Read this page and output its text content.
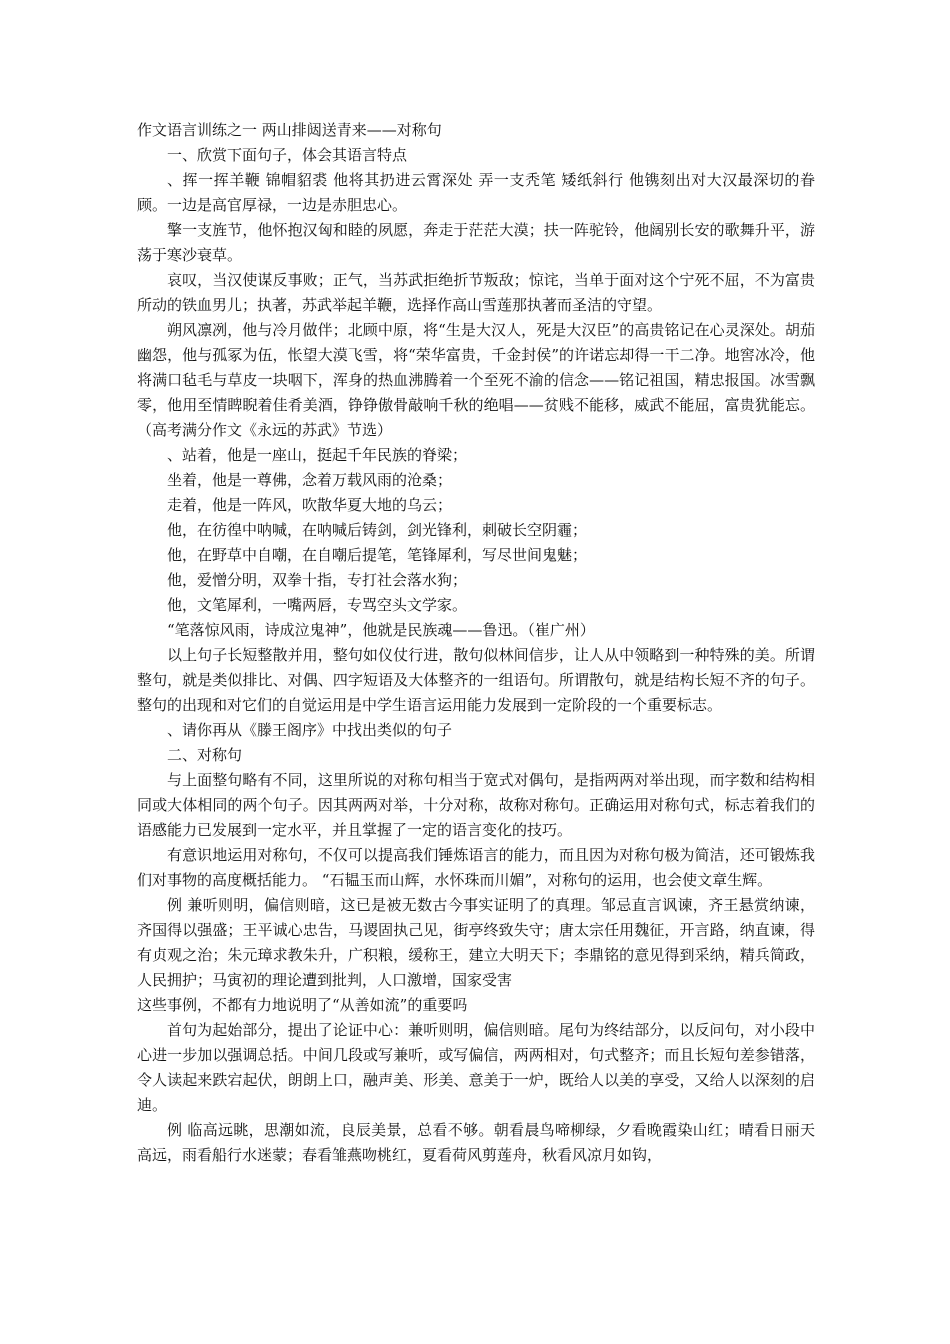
作文语言训练之一 两山排闼送青来——对称句

一、欣赏下面句子，体会其语言特点

、挥一挥羊鞭 锦帽貂裘 他将其扔进云霄深处 弄一支秃笔 矮纸斜行 他镌刻出对大汉最深切的眷顾。一边是高官厚禄，一边是赤胆忠心。

擎一支旌节，他怀抱汉匈和睦的夙愿，奔走于茫茫大漠；扶一阵驼铃，他阔别长安的歌舞升平，游荡于寒沙衰草。

哀叹，当汉使谋反事败；正气，当苏武拒绝折节叛敌；惊诧，当单于面对这个宁死不屈，不为富贵所动的铁血男儿；执著，苏武举起羊鞭，选择作高山雪莲那执著而圣洁的守望。

朔风凛冽，他与冷月做伴；北顾中原，将“生是大汉人，死是大汉臣”的高贵铭记在心灵深处。胡茄幽怨，他与孤冢为伍，怅望大漠飞雪，将“荣华富贵，千金封侯”的许诺忘却得一干二净。地窖冰冷，他将满口毡毛与草皮一块咽下，浑身的热血沸腾着一个至死不渝的信念——铭记祖国，精忠报国。冰雪飘零，他用至情睥睨着佳肴美酒，铮铮傲骨敲响千秋的绝唱——贫贱不能移，威武不能屈，富贵犹能忘。（高考满分作文《永远的苏武》节选）

、站着，他是一座山，挺起千年民族的脊梁；

坐着，他是一尊佛，念着万载风雨的沧桑；

走着，他是一阵风，吹散华夏大地的乌云；

他，在彷徨中呐喊，在呐喊后铸剑，剑光锋利，刺破长空阴霾；

他，在野草中自嘲，在自嘲后提笔，笔锋犀利，写尽世间鬼魅；

他，爱憎分明，双拳十指，专打社会落水狗；

他，文笔犀利，一嘴两唇，专骂空头文学家。

“笔落惊风雨，诗成泣鬼神”，他就是民族魂——鲁迅。（崔广州）

以上句子长短整散并用，整句如仪仗行进，散句似林间信步，让人从中领略到一种特殊的美。所谓整句，就是类似排比、对偶、四字短语及大体整齐的一组语句。所谓散句，就是结构长短不齐的句子。整句的出现和对它们的自觉运用是中学生语言运用能力发展到一定阶段的一个重要标志。

、请你再从《滕王阁序》中找出类似的句子

二、对称句

与上面整句略有不同，这里所说的对称句相当于宽式对偶句，是指两两对举出现，而字数和结构相同或大体相同的两个句子。因其两两对举，十分对称，故称对称句。正确运用对称句式，标志着我们的语感能力已发展到一定水平，并且掌握了一定的语言变化的技巧。

有意识地运用对称句，不仅可以提高我们锤炼语言的能力，而且因为对称句极为简洁，还可锻炼我们对事物的高度概括能力。 “石韫玉而山辉，水怀珠而川媚”，对称句的运用，也会使文章生辉。

例 兼听则明，偏信则暗，这已是被无数古今事实证明了的真理。邹忌直言讽谏，齐王悬赏纳谏，齐国得以强盛；王平诚心忠告，马谡固执己见，街亭终致失守；唐太宗任用魏征，开言路，纳直谏，得有贞观之治；朱元璋求教朱升，广积粮，缓称王，建立大明天下；李鼎铭的意见得到采纳，精兵简政，人民拥护；马寅初的理论遭到批判，人口激增，国家受害

这些事例，不都有力地说明了“从善如流”的重要吗

首句为起始部分，提出了论证中心：兼听则明，偏信则暗。尾句为终结部分，以反问句，对小段中心进一步加以强调总括。中间几段或写兼听，或写偏信，两两相对，句式整齐；而且长短句差参错落，令人读起来跌宕起伏，朗朗上口，融声美、形美、意美于一炉，既给人以美的享受，又给人以深刻的启迪。

例 临高远眺，思潮如流，良辰美景，总看不够。朝看晨鸟啼柳绿，夕看晚霞染山红；晴看日丽天高远，雨看船行水迷蒙；春看雏燕吻桃红，夏看荷风剪莲舟，秋看风凉月如钩，
